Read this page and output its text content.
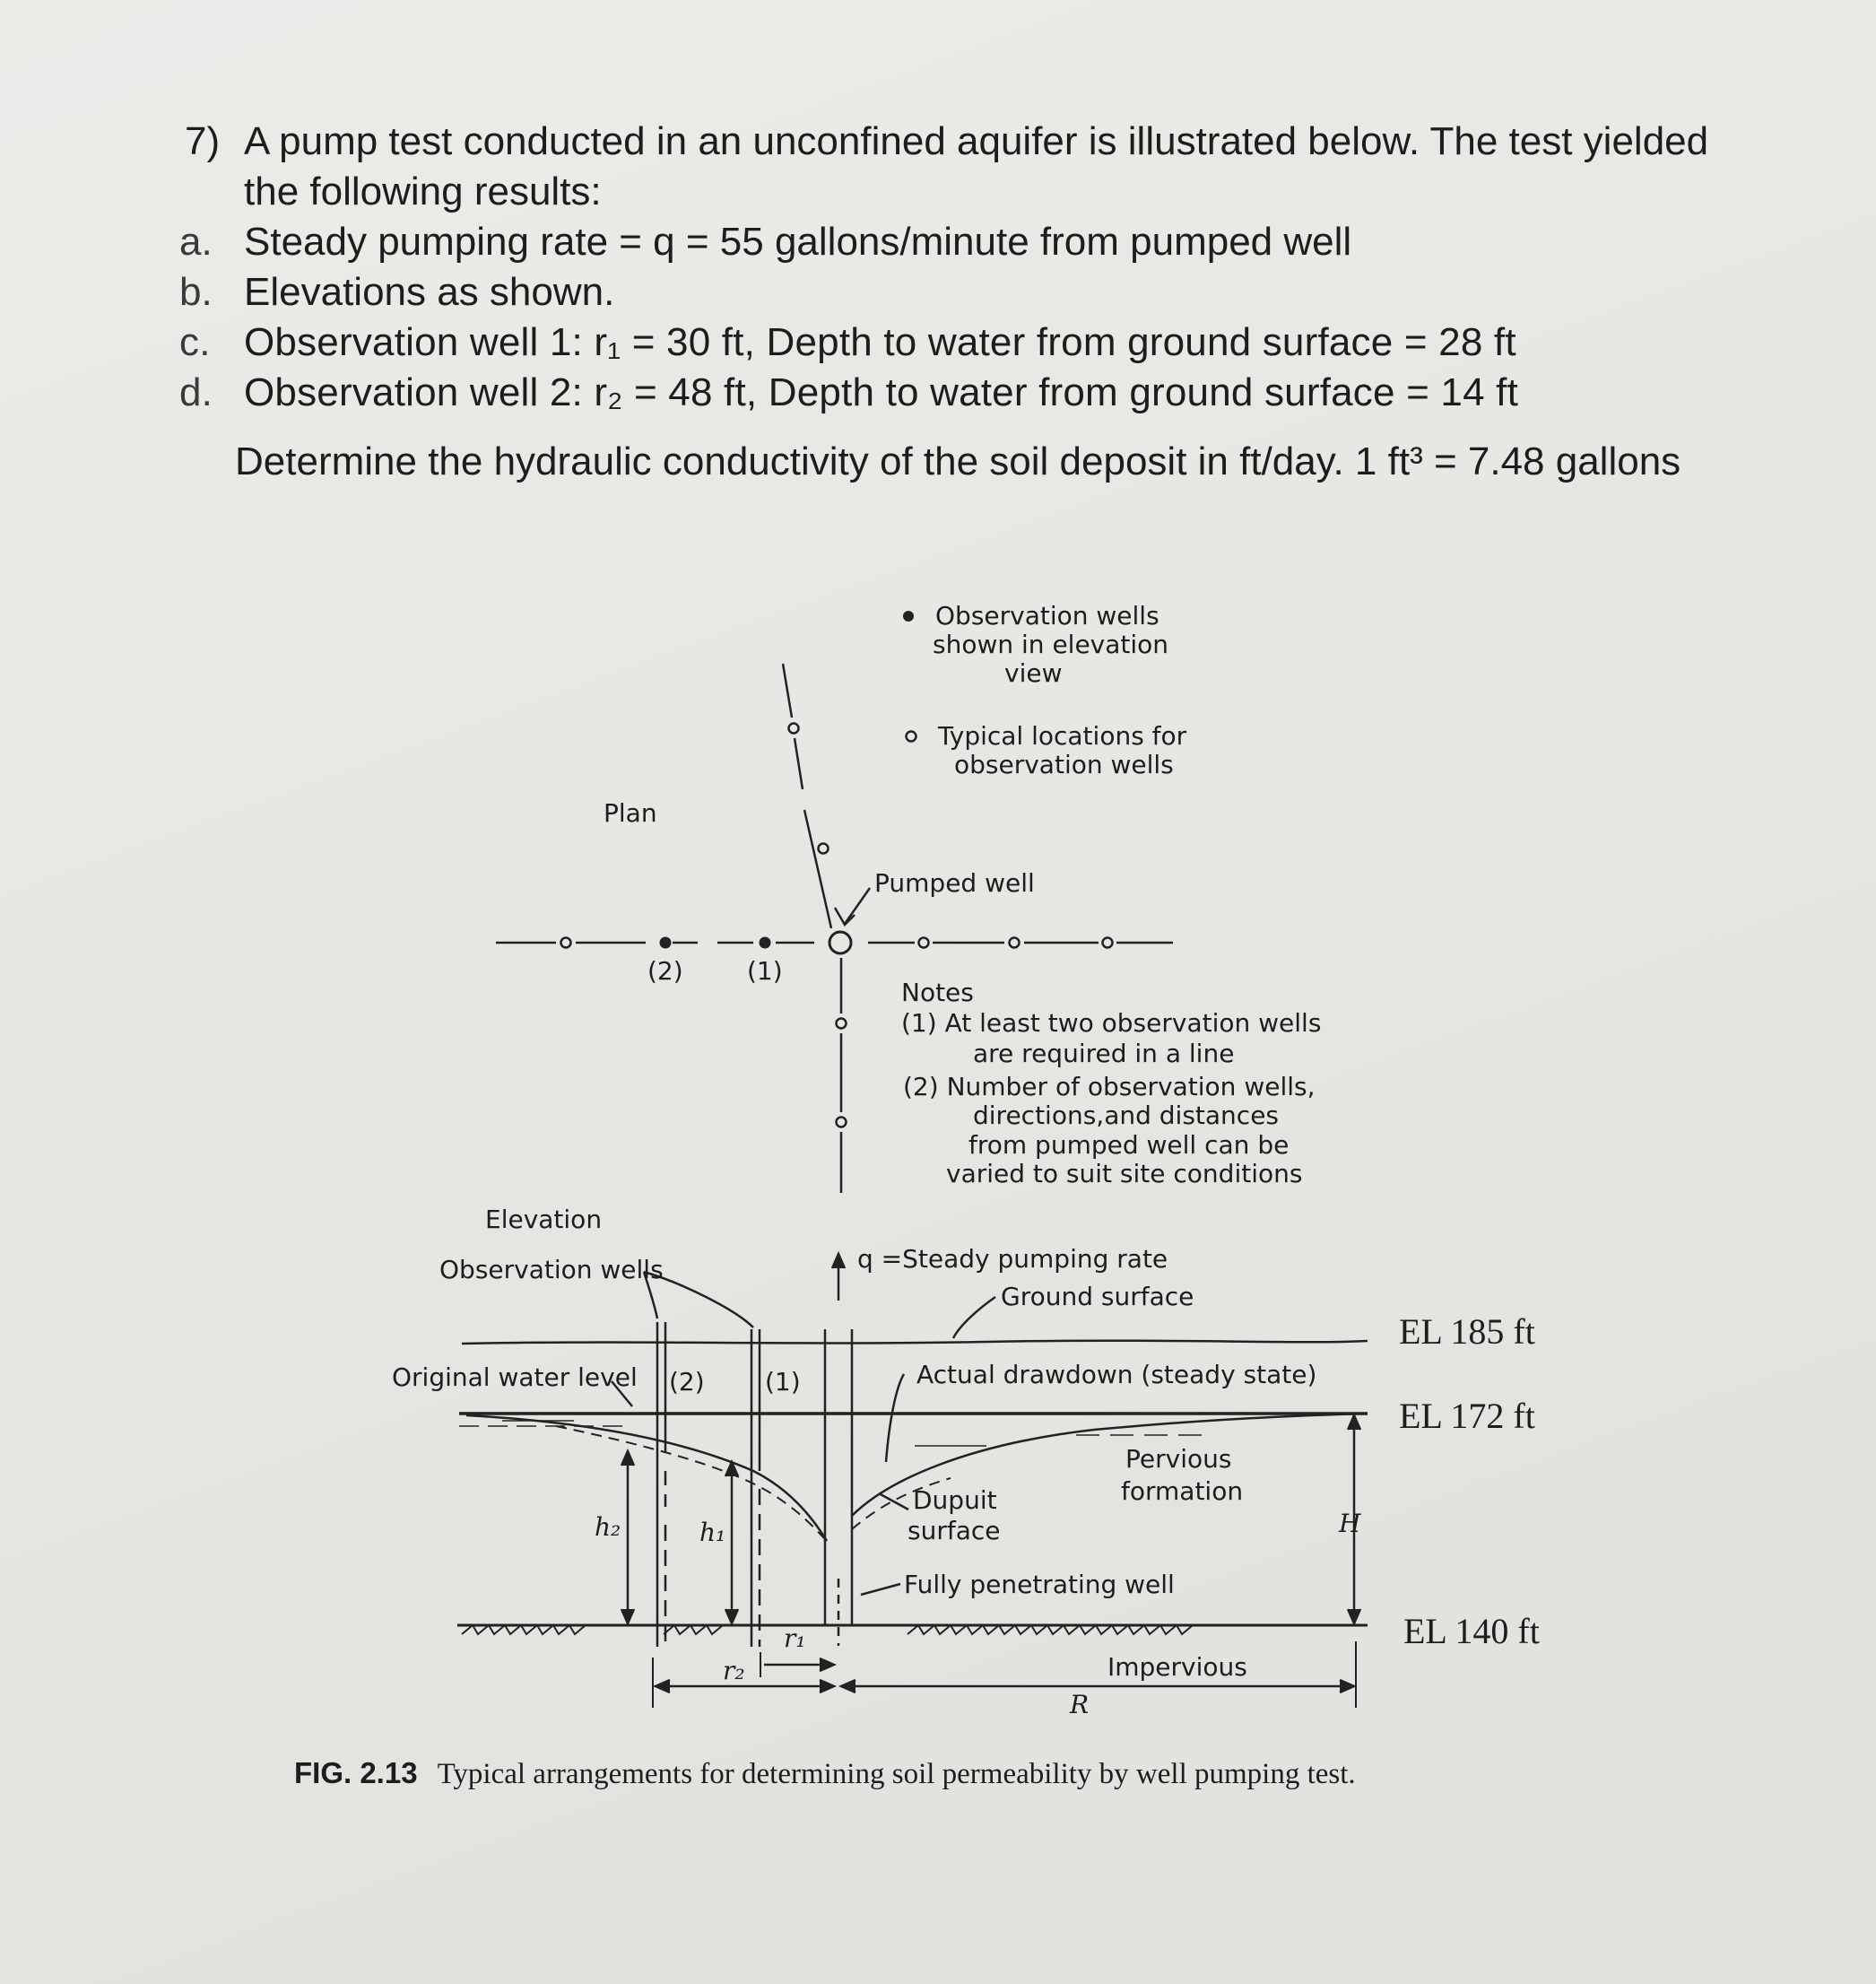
7) A pump test conducted in an unconfined aquifer is illustrated below. The test yielded the following results:
a. Steady pumping rate = q = 55 gallons/minute from pumped well
b. Elevations as shown.
c. Observation well 1: r₁ = 30 ft, Depth to water from ground surface = 28 ft
d. Observation well 2: r₂ = 48 ft, Depth to water from ground surface = 14 ft
Determine the hydraulic conductivity of the soil deposit in ft/day. 1 ft³ = 7.48 gallons
Observation wells
shown in elevation
view
Typical locations for
observation wells
Plan
Pumped well
(2)	(1)
Notes
(1) At least two observation wells
are required in a line
(2) Number of observation wells,
directions,and distances
from pumped well can be
varied to suit site conditions
Elevation
Observation wells	q =Steady pumping rate
Ground surface
Original water level (2) (1)	Actual drawdown (steady state)
Pervious
formation
Dupuit
surface
Fully penetrating well
Impervious
h₂	h₁	H
r₁
r₂
R
EL 185 ft
EL 172 ft
EL 140 ft
FIG. 2.13 Typical arrangements for determining soil permeability by well pumping test.
